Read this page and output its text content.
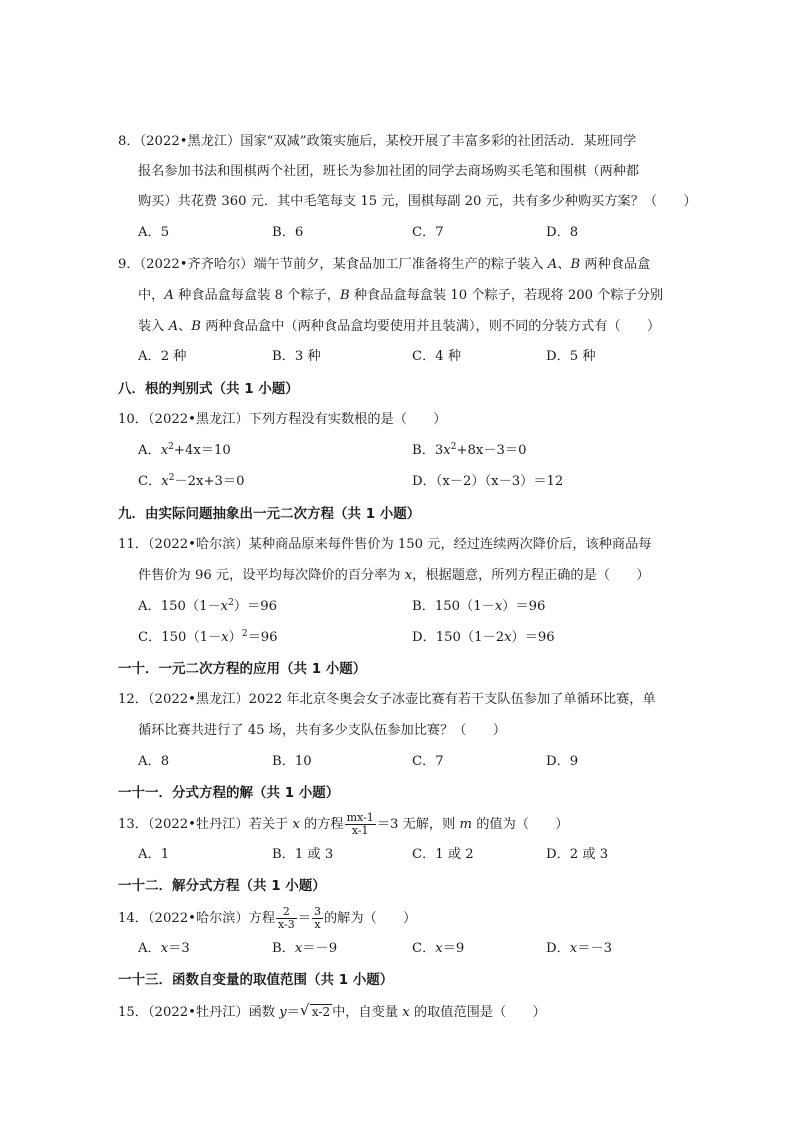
8．（2022•黑龙江）国家“双减”政策实施后，某校开展了丰富多彩的社团活动．某班同学
报名参加书法和围棋两个社团，班长为参加社团的同学去商场购买毛笔和围棋（两种都
购买）共花费 360 元．其中毛笔每支 15 元，围棋每副 20 元，共有多少种购买方案？（　　）
A．5	B．6	C．7	D．8
9．（2022•齐齐哈尔）端午节前夕，某食品加工厂准备将生产的粽子装入 A、B 两种食品盒
中，A 种食品盒每盒装 8 个粽子，B 种食品盒每盒装 10 个粽子，若现将 200 个粽子分别
装入 A、B 两种食品盒中（两种食品盒均要使用并且装满），则不同的分装方式有（　　）
A．2 种	B．3 种	C．4 种	D．5 种
八．根的判别式（共 1 小题）
10．（2022•黑龙江）下列方程没有实数根的是（　　）
A．$x^2+4x=10$	B．$3x^2+8x-3=0$
C．$x^2-2x+3=0$	D．（x－2）（x－3）＝12
九．由实际问题抽象出一元二次方程（共 1 小题）
11．（2022•哈尔滨）某种商品原来每件售价为 150 元，经过连续两次降价后，该种商品每
件售价为 96 元，设平均每次降价的百分率为 x，根据题意，所列方程正确的是（　　）
A．$150(1-x^2)=96$	B．150（1－x）＝96
C．$150(1-x)^2=96$	D．150（1－2x）＝96
一十．一元二次方程的应用（共 1 小题）
12．（2022•黑龙江）2022 年北京冬奥会女子冰壶比赛有若干支队伍参加了单循环比赛，单
循环比赛共进行了 45 场，共有多少支队伍参加比赛？（　　）
A．8	B．10	C．7	D．9
一十一．分式方程的解（共 1 小题）
13．（2022•牡丹江）若关于 x 的方程 $\frac{mx-1}{x-1} =3$ 无解，则 m 的值为（　　）
A．1	B．1 或 3	C．1 或 2	D．2 或 3
一十二．解分式方程（共 1 小题）
14．（2022•哈尔滨）方程 $\frac{2}{x-3} = \frac{3}{x}$ 的解为（　　）
A．x＝3	B．x＝－9	C．x＝9	D．x＝－3
一十三．函数自变量的取值范围（共 1 小题）
15．（2022•牡丹江）函数 y＝ √ x-2 中，自变量 x 的取值范围是（　　）
